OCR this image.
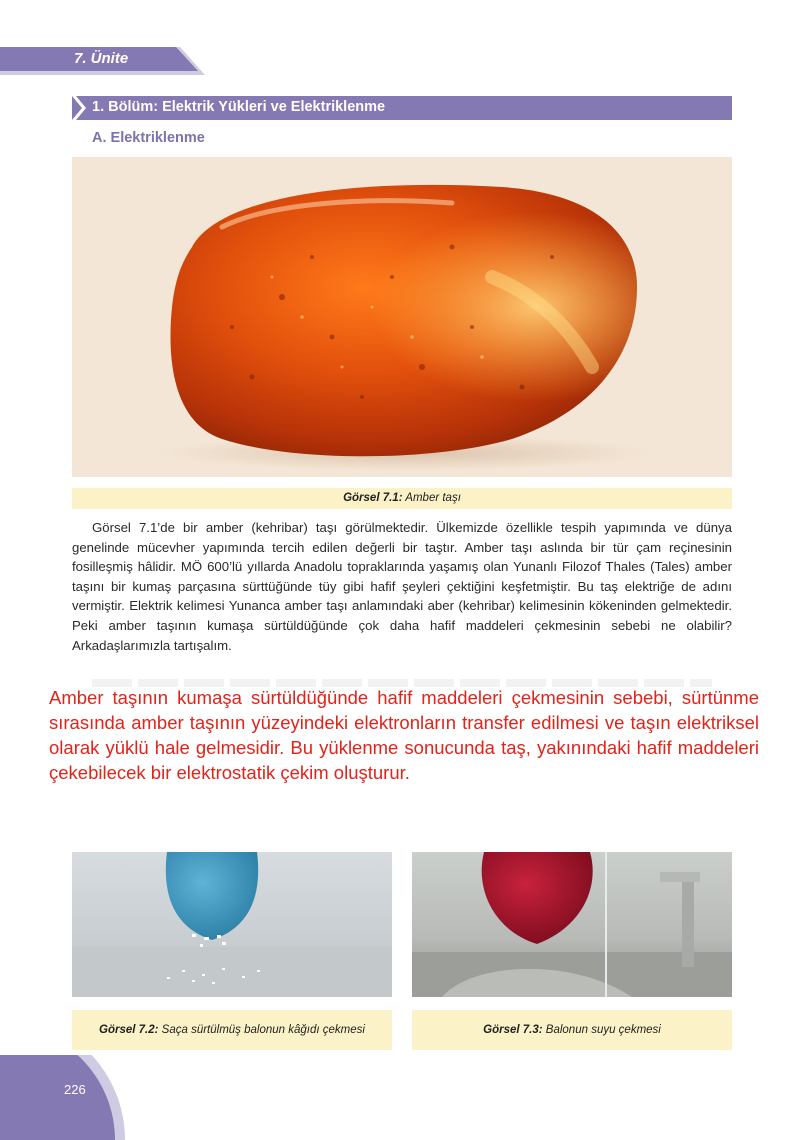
7. Ünite
1. Bölüm: Elektrik Yükleri ve Elektriklenme
A. Elektriklenme
Görsel 7.1: Amber taşı

Görsel 7.1’de bir amber (kehribar) taşı görülmektedir. Ülkemizde özellikle tespih yapımında ve dünya genelinde mücevher yapımında tercih edilen değerli bir taştır. Amber taşı aslında bir tür çam reçinesinin fosilleşmiş hâlidir. MÖ 600’lü yıllarda Anadolu topraklarında yaşamış olan Yunanlı Filozof Thales (Tales) amber taşını bir kumaş parçasına sürttüğünde tüy gibi hafif şeyleri çektiğini keşfetmiştir. Bu taş elektriğe de adını vermiştir. Elektrik kelimesi Yunanca amber taşı anlamındaki aber (kehribar) kelimesinin kökeninden gelmektedir. Peki amber taşının kumaşa sürtüldüğünde çok daha hafif maddeleri çekmesinin sebebi ne olabilir? Arkadaşlarımızla tartışalım.

Amber taşının kumaşa sürtüldüğünde hafif maddeleri çekmesinin sebebi, sürtünme sırasında amber taşının yüzeyindeki elektronların transfer edilmesi ve taşın elektriksel olarak yüklü hale gelmesidir. Bu yüklenme sonucunda taş, yakınındaki hafif maddeleri çekebilecek bir elektrostatik çekim oluşturur.

Görsel 7.2: Saça sürtülmüş balonun kâğıdı çekmesi	Görsel 7.3: Balonun suyu çekmesi
226
